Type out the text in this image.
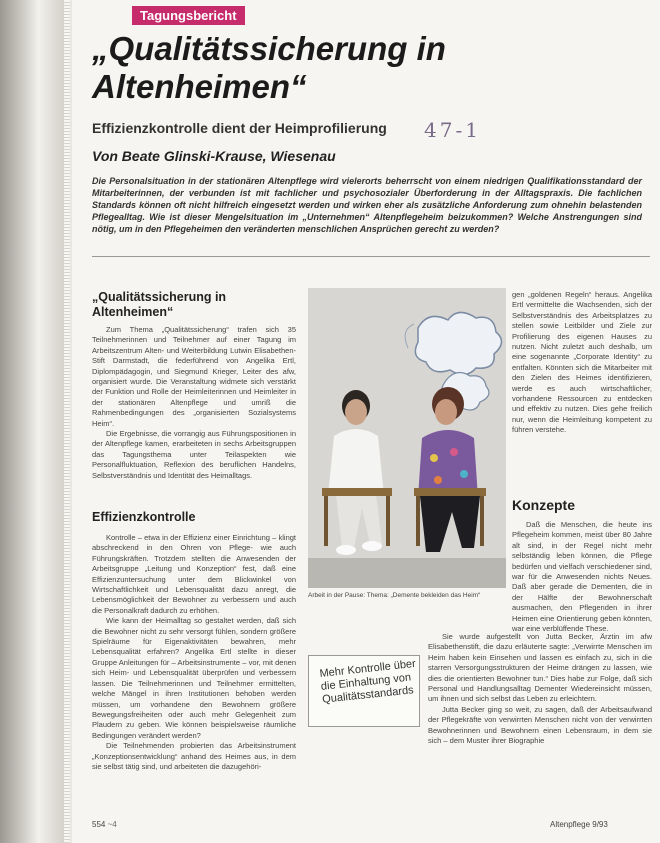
Tagungsbericht
„Qualitätssicherung in Altenheimen“
Effizienzkontrolle dient der Heimprofilierung 47-1
Von Beate Glinski-Krause, Wiesenau

Die Personalsituation in der stationären Altenpflege wird vielerorts beherrscht von einem niedrigen Qualifikationsstandard der Mitarbeiterinnen, der verbunden ist mit fachlicher und psychosozialer Überforderung in der Alltagspraxis. Die fachlichen Standards können oft nicht hilfreich eingesetzt werden und wirken eher als zusätzliche Anforderung zum ohnehin belastenden Pflegealltag. Wie ist dieser Mengelsituation im „Unternehmen“ Altenpflegeheim beizukommen? Welche Anstrengungen sind nötig, um in den Pflegeheimen den veränderten menschlichen Ansprüchen gerecht zu werden?

„Qualitätssicherung in Altenheimen“

Zum Thema „Qualitätssicherung“ trafen sich 35 Teilnehmerinnen und Teilnehmer auf einer Tagung im Arbeitszentrum Alten- und Weiterbildung Lutwin Elisabethen-Stift Darmstadt, die federführend von Angelika Ertl, Diplompädagogin, und Siegmund Krieger, Leiter des afw, organisiert wurde. Die Veranstaltung widmete sich verstärkt der Funktion und Rolle der Heimleiterinnen und Heimleiter in der stationären Altenpflege und umriß die Rahmenbedingungen des „organisierten Sozialsystems Heim“.

Die Ergebnisse, die vorrangig aus Führungspositionen in der Altenpflege kamen, erarbeiteten in sechs Arbeitsgruppen das Tagungsthema unter Teilaspekten wie Personalfluktuation, Reflexion des beruflichen Handelns, Selbstverständnis und Identität des Heimalltags.

Effizienzkontrolle

Kontrolle – etwa in der Effizienz einer Einrichtung – klingt abschreckend in den Ohren von Pflege- wie auch Führungskräften. Trotzdem stellten die Anwesenden der Arbeitsgruppe „Leitung und Konzeption“ fest, daß eine Effizienzuntersuchung unter dem Blickwinkel von Wirtschaftlichkeit und Lebensqualität dazu anregt, die Lebensmöglichkeit der Bewohner zu verbessern und auch die Personalkraft dadurch zu erhöhen.

Wie kann der Heimalltag so gestaltet werden, daß sich die Bewohner nicht zu sehr versorgt fühlen, sondern größere Spielräume für Eigenaktivitäten bewahren, mehr Lebensqualität erfahren? Angelika Ertl stellte in dieser Gruppe Anleitungen für – Arbeitsinstrumente – vor, mit denen sich Heim- und Lebensqualität überprüfen und verbessern lassen. Die Teilnehmerinnen und Teilnehmer ermittelten, welche Mängel in ihren Institutionen behoben werden müssen, um vorhandene den Bewohnern größere Bewegungsfreiheiten oder auch mehr Gelegenheit zum Plaudern zu geben. Wie können beispielsweise räumliche Bedingungen verändert werden?

Die Teilnehmenden probierten das Arbeitsinstrument „Konzeptionsentwicklung“ anhand des Heimes aus, in dem sie selbst tätig sind, und arbeiteten die dazugehöri-

Arbeit in der Pause: Thema: „Demente bekleiden das Heim“
Mehr Kontrolle über die Einhaltung von Qualitätsstandards

gen „goldenen Regeln“ heraus. Angelika Ertl vermittelte die Wachsenden, sich der Selbstverständnis des Arbeitsplatzes zu stellen sowie Leitbilder und Ziele zur Profilierung des eigenen Hauses zu nutzen. Nicht zuletzt auch deshalb, um eine sogenannte „Corporate Identity“ zu entfalten. Könnten sich die Mitarbeiter mit den Zielen des Heimes identifizieren, werde es auch wirtschaftlicher, vorhandene Ressourcen zu entdecken und effektiv zu nutzen. Dies gehe freilich nur, wenn die Heimleitung kompetent zu führen verstehe.

Konzepte

Daß die Menschen, die heute ins Pflegeheim kommen, meist über 80 Jahre alt sind, in der Regel nicht mehr selbständig leben können, die Pflege bedürfen und vielfach verschiedener sind, war für die Anwesenden nichts Neues. Daß aber gerade die Dementen, die in der Hälfte der Bewohnerschaft ausmachen, den Pflegenden in ihrer Heimen eine Orientierung geben könnten, war eine verblüffende These.

Sie wurde aufgestellt von Jutta Becker, Ärztin im afw Elisabethenstift, die dazu erläuterte sagte: „Verwirrte Menschen im Heim haben kein Einsehen und lassen es einfach zu, sich in die starren Versorgungsstrukturen der Heime drängen zu lassen, wie dies die orientierten Bewohner tun.“ Dies habe zur Folge, daß sich Personal und Handlungsalltag Dementer Wiedereinsicht müssen, um ihnen und sich selbst das Leben zu erleichtern.

Jutta Becker ging so weit, zu sagen, daß der Arbeitsaufwand der Pflegekräfte von verwirrten Menschen nicht von der verwirrten Bewohnerinnen und Bewohnern einen Lebensraum, in dem sie sich – dem Muster ihrer Biographie

554 ~4	Altenpflege 9/93
